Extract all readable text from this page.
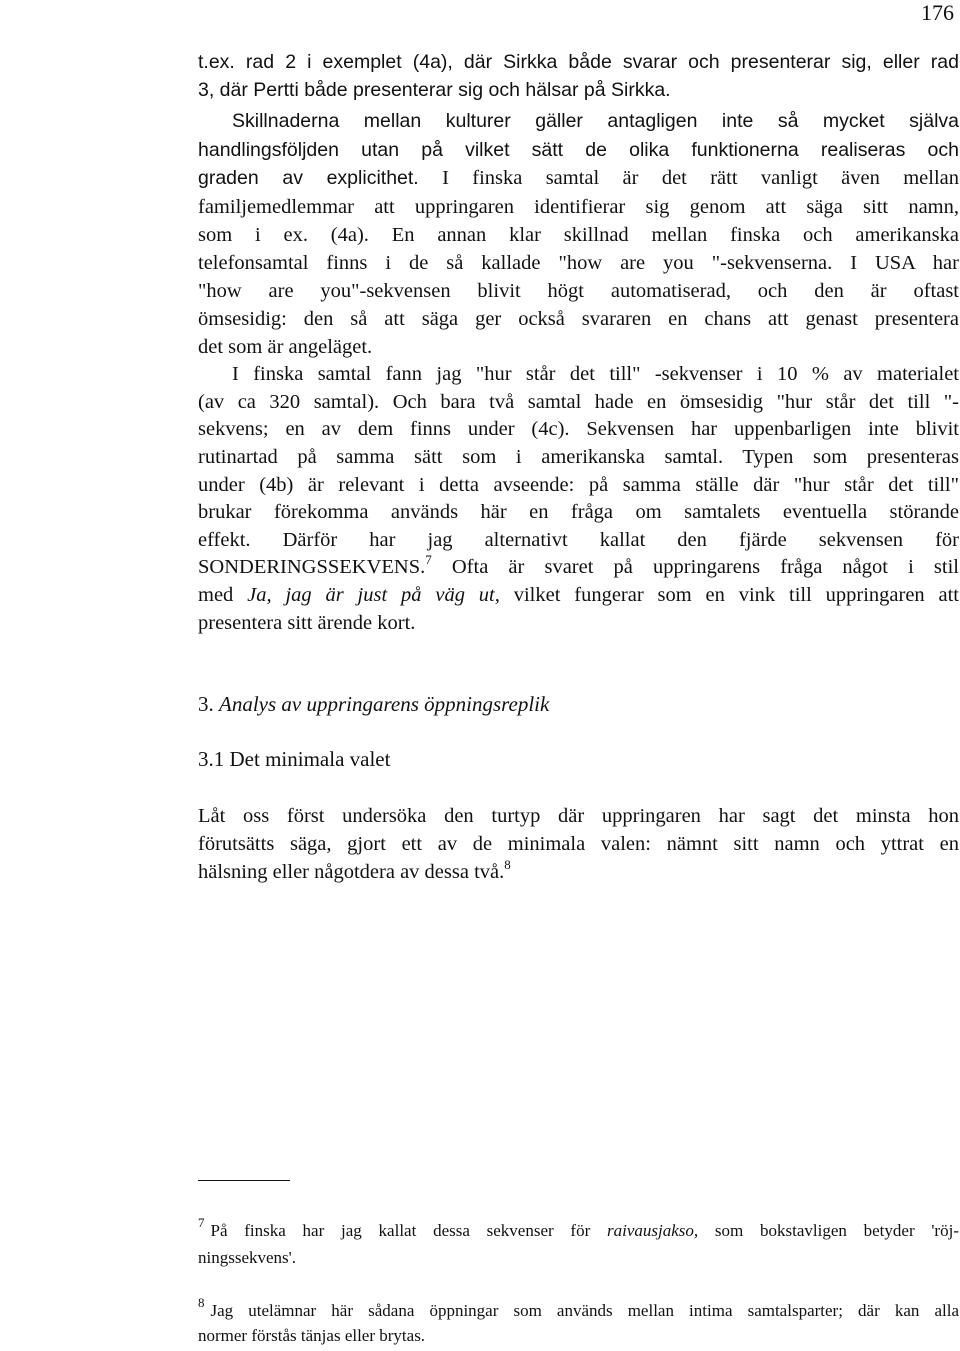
176
t.ex. rad 2 i exemplet (4a), där Sirkka både svarar och presenterar sig, eller rad
3, där Pertti både presenterar sig och hälsar på Sirkka.
Skillnaderna mellan kulturer gäller antagligen inte så mycket själva
handlingsföljden utan på vilket sätt de olika funktionerna realiseras och
graden av explicithet. I finska samtal är det rätt vanligt även mellan
familjemedlemmar att uppringaren identifierar sig genom att säga sitt namn,
som i ex. (4a). En annan klar skillnad mellan finska och amerikanska
telefonsamtal finns i de så kallade "how are you "-sekvenserna. I USA har
"how are you"-sekvensen blivit högt automatiserad, och den är oftast
ömsesidig: den så att säga ger också svararen en chans att genast presentera
det som är angeläget.
I finska samtal fann jag "hur står det till" -sekvenser i 10 % av materialet
(av ca 320 samtal). Och bara två samtal hade en ömsesidig "hur står det till "-
sekvens; en av dem finns under (4c). Sekvensen har uppenbarligen inte blivit
rutinartad på samma sätt som i amerikanska samtal. Typen som presenteras
under (4b) är relevant i detta avseende: på samma ställe där "hur står det till"
brukar förekomma används här en fråga om samtalets eventuella störande
effekt. Därför har jag alternativt kallat den fjärde sekvensen för
SONDERINGSSEKVENS.$^7$ Ofta är svaret på uppringarens fråga något i stil
med Ja, jag är just på väg ut, vilket fungerar som en vink till uppringaren att
presentera sitt ärende kort.
3. Analys av uppringarens öppningsreplik
3.1 Det minimala valet
Låt oss först undersöka den turtyp där uppringaren har sagt det minsta hon
förutsätts säga, gjort ett av de minimala valen: nämnt sitt namn och yttrat en
hälsning eller någotdera av dessa två.$^8$
$^7$ På finska har jag kallat dessa sekvenser för raivausjakso, som bokstavligen betyder 'röj-
ningssekvens'.
$^8$ Jag utelämnar här sådana öppningar som används mellan intima samtalsparter; där kan alla
normer förstås tänjas eller brytas.
